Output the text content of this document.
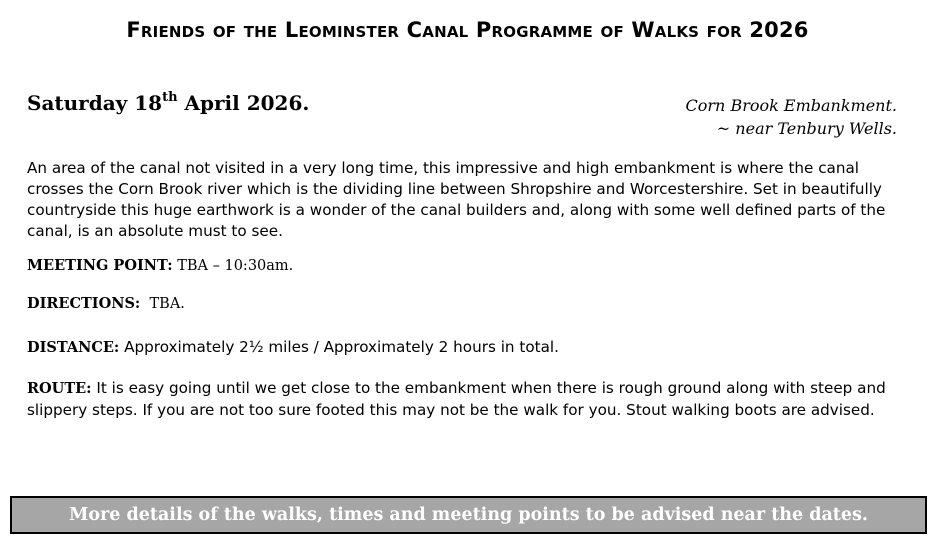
Friends of the Leominster Canal Programme of Walks for 2026
Saturday 18th April 2026.	Corn Brook Embankment.
~ near Tenbury Wells.

An area of the canal not visited in a very long time, this impressive and high embankment is where the canal crosses the Corn Brook river which is the dividing line between Shropshire and Worcestershire. Set in beautifully countryside this huge earthwork is a wonder of the canal builders and, along with some well defined parts of the canal, is an absolute must to see.

MEETING POINT: TBA – 10:30am.
DIRECTIONS:  TBA.
DISTANCE: Approximately 2½ miles / Approximately 2 hours in total.
ROUTE: It is easy going until we get close to the embankment when there is rough ground along with steep and slippery steps. If you are not too sure footed this may not be the walk for you. Stout walking boots are advised.
More details of the walks, times and meeting points to be advised near the dates.
